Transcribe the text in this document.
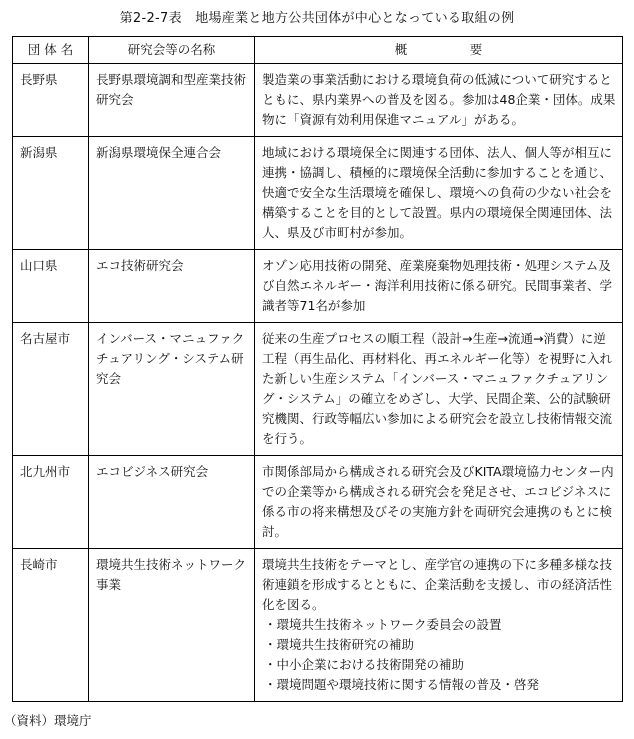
第2-2-7表　地場産業と地方公共団体が中心となっている取組の例
団 体 名	研究会等の名称	概　　　　　要
長野県	長野県環境調和型産業技術研究会	製造業の事業活動における環境負荷の低減について研究するとともに、県内業界への普及を図る。参加は48企業・団体。成果物に「資源有効利用保進マニュアル」がある。
新潟県	新潟県環境保全連合会	地域における環境保全に関連する団体、法人、個人等が相互に連携・協調し、積極的に環境保全活動に参加することを通じ、快適で安全な生活環境を確保し、環境への負荷の少ない社会を構築することを目的として設置。県内の環境保全関連団体、法人、県及び市町村が参加。
山口県	エコ技術研究会	オゾン応用技術の開発、産業廃棄物処理技術・処理システム及び自然エネルギー・海洋利用技術に係る研究。民間事業者、学識者等71名が参加
名古屋市	インバース・マニュファクチュアリング・システム研究会	従来の生産プロセスの順工程（設計→生産→流通→消費）に逆工程（再生品化、再材料化、再エネルギー化等）を視野に入れた新しい生産システム「インバース・マニュファクチュアリング・システム」の確立をめざし、大学、民間企業、公的試験研究機関、行政等幅広い参加による研究会を設立し技術情報交流を行う。
北九州市	エコビジネス研究会	市関係部局から構成される研究会及びKITA環境協力センター内での企業等から構成される研究会を発足させ、エコビジネスに係る市の将来構想及びその実施方針を両研究会連携のもとに検討。
長崎市	環境共生技術ネットワーク事業	環境共生技術をテーマとし、産学官の連携の下に多種多様な技術連鎖を形成するとともに、企業活動を支援し、市の経済活性化を図る。
・環境共生技術ネットワーク委員会の設置
・環境共生技術研究の補助
・中小企業における技術開発の補助
・環境問題や環境技術に関する情報の普及・啓発
（資料）環境庁
